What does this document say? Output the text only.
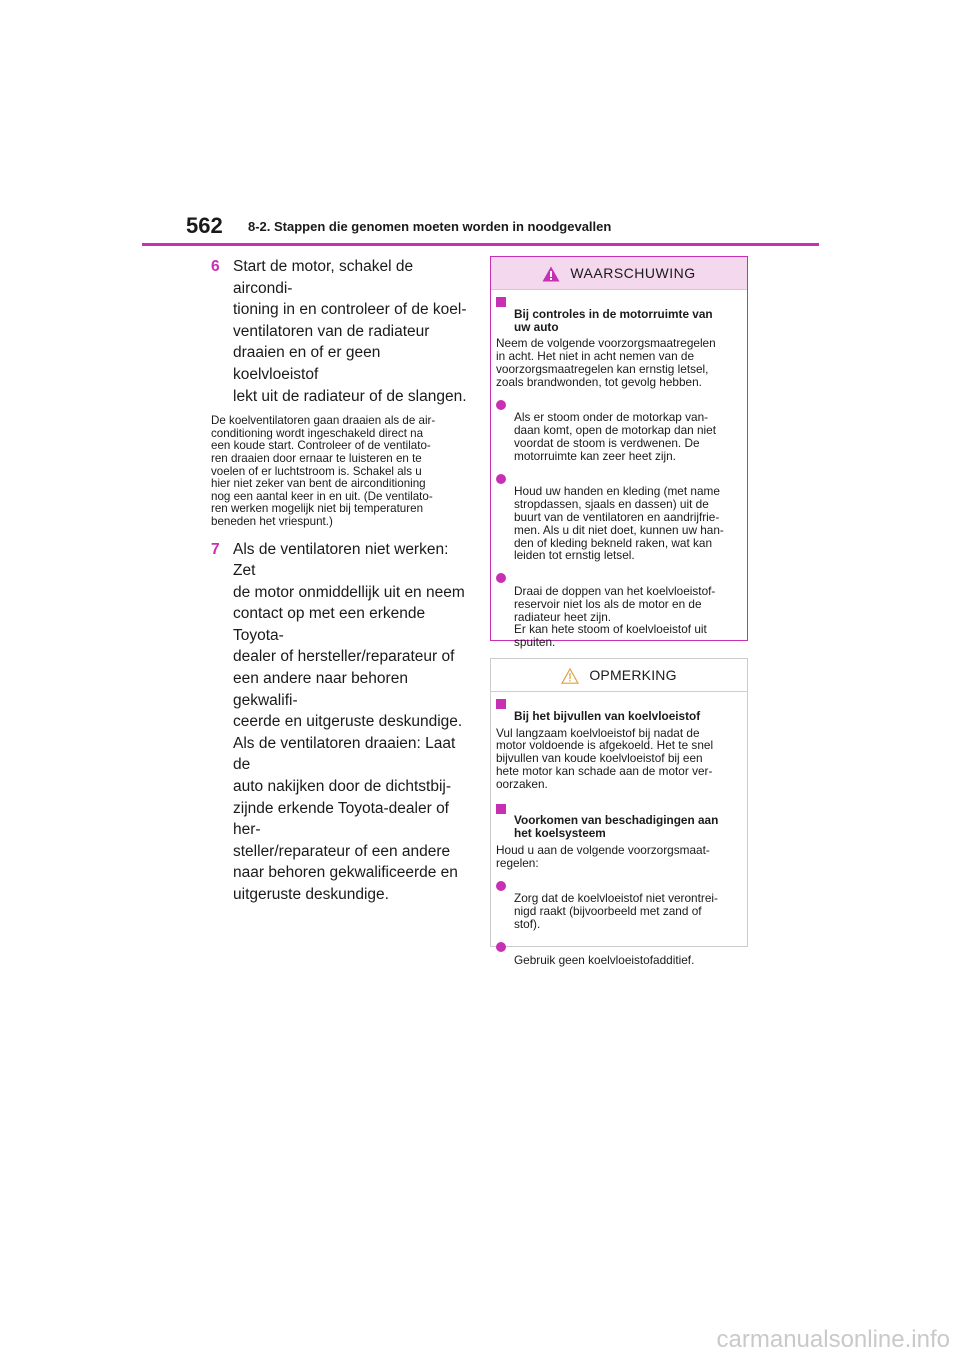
562 8-2. Stappen die genomen moeten worden in noodgevallen
6 Start de motor, schakel de aircondi-
tioning in en controleer of de koel-
ventilatoren van de radiateur
draaien en of er geen koelvloeistof
lekt uit de radiateur of de slangen.
De koelventilatoren gaan draaien als de air-
conditioning wordt ingeschakeld direct na
een koude start. Controleer of de ventilato-
ren draaien door ernaar te luisteren en te
voelen of er luchtstroom is. Schakel als u
hier niet zeker van bent de airconditioning
nog een aantal keer in en uit. (De ventilato-
ren werken mogelijk niet bij temperaturen
beneden het vriespunt.)
7 Als de ventilatoren niet werken: Zet
de motor onmiddellijk uit en neem
contact op met een erkende Toyota-
dealer of hersteller/reparateur of
een andere naar behoren gekwalifi-
ceerde en uitgeruste deskundige.
Als de ventilatoren draaien: Laat de
auto nakijken door de dichtstbij-
zijnde erkende Toyota-dealer of her-
steller/reparateur of een andere
naar behoren gekwalificeerde en
uitgeruste deskundige.
WAARSCHUWING

Bij controles in de motorruimte van
uw auto

Neem de volgende voorzorgsmaatregelen
in acht. Het niet in acht nemen van de
voorzorgsmaatregelen kan ernstig letsel,
zoals brandwonden, tot gevolg hebben.

Als er stoom onder de motorkap van-
daan komt, open de motorkap dan niet
voordat de stoom is verdwenen. De
motorruimte kan zeer heet zijn.

Houd uw handen en kleding (met name
stropdassen, sjaals en dassen) uit de
buurt van de ventilatoren en aandrijfrie-
men. Als u dit niet doet, kunnen uw han-
den of kleding bekneld raken, wat kan
leiden tot ernstig letsel.

Draai de doppen van het koelvloeistof-
reservoir niet los als de motor en de
radiateur heet zijn.
Er kan hete stoom of koelvloeistof uit
spuiten.

OPMERKING

Bij het bijvullen van koelvloeistof

Vul langzaam koelvloeistof bij nadat de
motor voldoende is afgekoeld. Het te snel
bijvullen van koude koelvloeistof bij een
hete motor kan schade aan de motor ver-
oorzaken.

Voorkomen van beschadigingen aan
het koelsysteem

Houd u aan de volgende voorzorgsmaat-
regelen:

Zorg dat de koelvloeistof niet verontrei-
nigd raakt (bijvoorbeeld met zand of
stof).

Gebruik geen koelvloeistofadditief.

carmanualsonline.info
